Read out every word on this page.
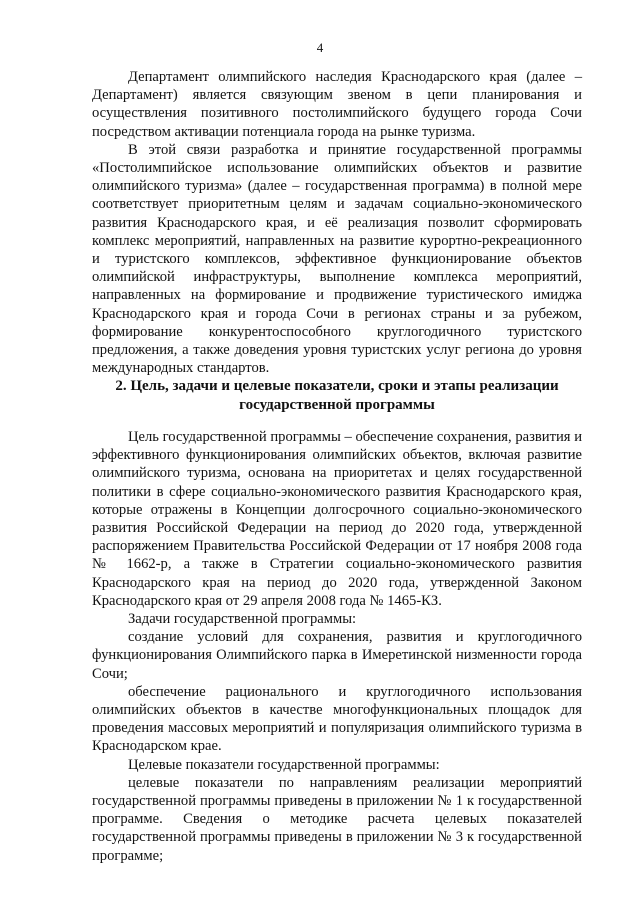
4

Департамент олимпийского наследия Краснодарского края (далее – Департамент) является связующим звеном в цепи планирования и осуществления позитивного постолимпийского будущего города Сочи посредством активации потенциала города на рынке туризма.

В этой связи разработка и принятие государственной программы «Постолимпийское использование олимпийских объектов и развитие олимпийского туризма» (далее – государственная программа) в полной мере соответствует приоритетным целям и задачам социально-экономического развития Краснодарского края, и её реализация позволит сформировать комплекс мероприятий, направленных на развитие курортно-рекреационного и туристского комплексов, эффективное функционирование объектов олимпийской инфраструктуры, выполнение комплекса мероприятий, направленных на формирование и продвижение туристического имиджа Краснодарского края и города Сочи в регионах страны и за рубежом, формирование конкурентоспособного круглогодичного туристского предложения, а также доведения уровня туристских услуг региона до уровня международных стандартов.

2. Цель, задачи и целевые показатели, сроки и этапы реализации государственной программы

Цель государственной программы – обеспечение сохранения, развития и эффективного функционирования олимпийских объектов, включая развитие олимпийского туризма, основана на приоритетах и целях государственной политики в сфере социально-экономического развития Краснодарского края, которые отражены в Концепции долгосрочного социально-экономического развития Российской Федерации на период до 2020 года, утвержденной распоряжением Правительства Российской Федерации от 17 ноября 2008 года № 1662-р, а также в Стратегии социально-экономического развития Краснодарского края на период до 2020 года, утвержденной Законом Краснодарского края от 29 апреля 2008 года № 1465-КЗ.

Задачи государственной программы:

создание условий для сохранения, развития и круглогодичного функционирования Олимпийского парка в Имеретинской низменности города Сочи;

обеспечение рационального и круглогодичного использования олимпийских объектов в качестве многофункциональных площадок для проведения массовых мероприятий и популяризация олимпийского туризма в Краснодарском крае.

Целевые показатели государственной программы:

целевые показатели по направлениям реализации мероприятий государственной программы приведены в приложении № 1 к государственной программе. Сведения о методике расчета целевых показателей государственной программы приведены в приложении № 3 к государственной программе;
